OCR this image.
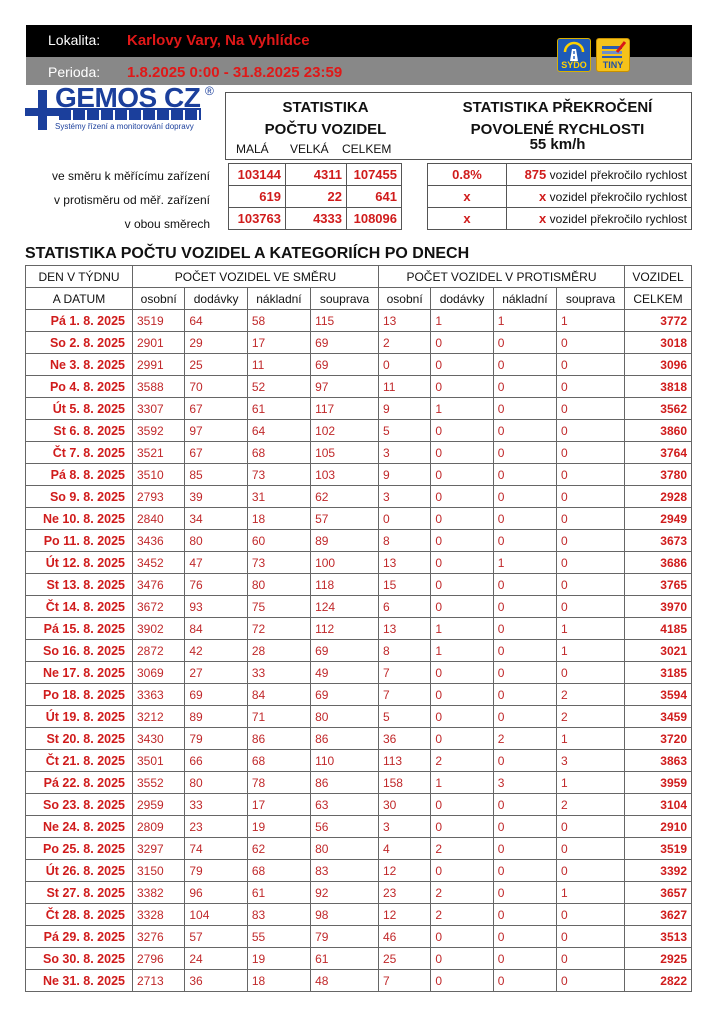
Lokalita: Karlovy Vary, Na Vyhlídce
Perioda: 1.8.2025 0:00 - 31.8.2025 23:59	SYDO	TINY
GEMOS CZ ®
Systémy řízení a monitorování dopravy
STATISTIKA
POČTU VOZIDEL
MALÁ VELKÁ CELKEM
STATISTIKA PŘEKROČENÍ
POVOLENÉ RYCHLOSTI
55 km/h
ve směru k měřícímu zařízení
v protisměru od měř. zařízení
v obou směrech
103144	4311	107455
619	22	641
103763	4333	108096
0.8%	875 vozidel překročilo rychlost
x	x vozidel překročilo rychlost
x	x vozidel překročilo rychlost
STATISTIKA POČTU VOZIDEL A KATEGORIÍCH PO DNECH
DEN V TÝDNU	POČET VOZIDEL VE SMĚRU				POČET VOZIDEL V PROTISMĚRU				VOZIDEL
A DATUM	osobní	dodávky	nákladní	souprava	osobní	dodávky	nákladní	souprava	CELKEM
Pá 1. 8. 2025	3519	64	58	115	13	1	1	1	3772
So 2. 8. 2025	2901	29	17	69	2	0	0	0	3018
Ne 3. 8. 2025	2991	25	11	69	0	0	0	0	3096
Po 4. 8. 2025	3588	70	52	97	11	0	0	0	3818
Út 5. 8. 2025	3307	67	61	117	9	1	0	0	3562
St 6. 8. 2025	3592	97	64	102	5	0	0	0	3860
Čt 7. 8. 2025	3521	67	68	105	3	0	0	0	3764
Pá 8. 8. 2025	3510	85	73	103	9	0	0	0	3780
So 9. 8. 2025	2793	39	31	62	3	0	0	0	2928
Ne 10. 8. 2025	2840	34	18	57	0	0	0	0	2949
Po 11. 8. 2025	3436	80	60	89	8	0	0	0	3673
Út 12. 8. 2025	3452	47	73	100	13	0	1	0	3686
St 13. 8. 2025	3476	76	80	118	15	0	0	0	3765
Čt 14. 8. 2025	3672	93	75	124	6	0	0	0	3970
Pá 15. 8. 2025	3902	84	72	112	13	1	0	1	4185
So 16. 8. 2025	2872	42	28	69	8	1	0	1	3021
Ne 17. 8. 2025	3069	27	33	49	7	0	0	0	3185
Po 18. 8. 2025	3363	69	84	69	7	0	0	2	3594
Út 19. 8. 2025	3212	89	71	80	5	0	0	2	3459
St 20. 8. 2025	3430	79	86	86	36	0	2	1	3720
Čt 21. 8. 2025	3501	66	68	110	113	2	0	3	3863
Pá 22. 8. 2025	3552	80	78	86	158	1	3	1	3959
So 23. 8. 2025	2959	33	17	63	30	0	0	2	3104
Ne 24. 8. 2025	2809	23	19	56	3	0	0	0	2910
Po 25. 8. 2025	3297	74	62	80	4	2	0	0	3519
Út 26. 8. 2025	3150	79	68	83	12	0	0	0	3392
St 27. 8. 2025	3382	96	61	92	23	2	0	1	3657
Čt 28. 8. 2025	3328	104	83	98	12	2	0	0	3627
Pá 29. 8. 2025	3276	57	55	79	46	0	0	0	3513
So 30. 8. 2025	2796	24	19	61	25	0	0	0	2925
Ne 31. 8. 2025	2713	36	18	48	7	0	0	0	2822
